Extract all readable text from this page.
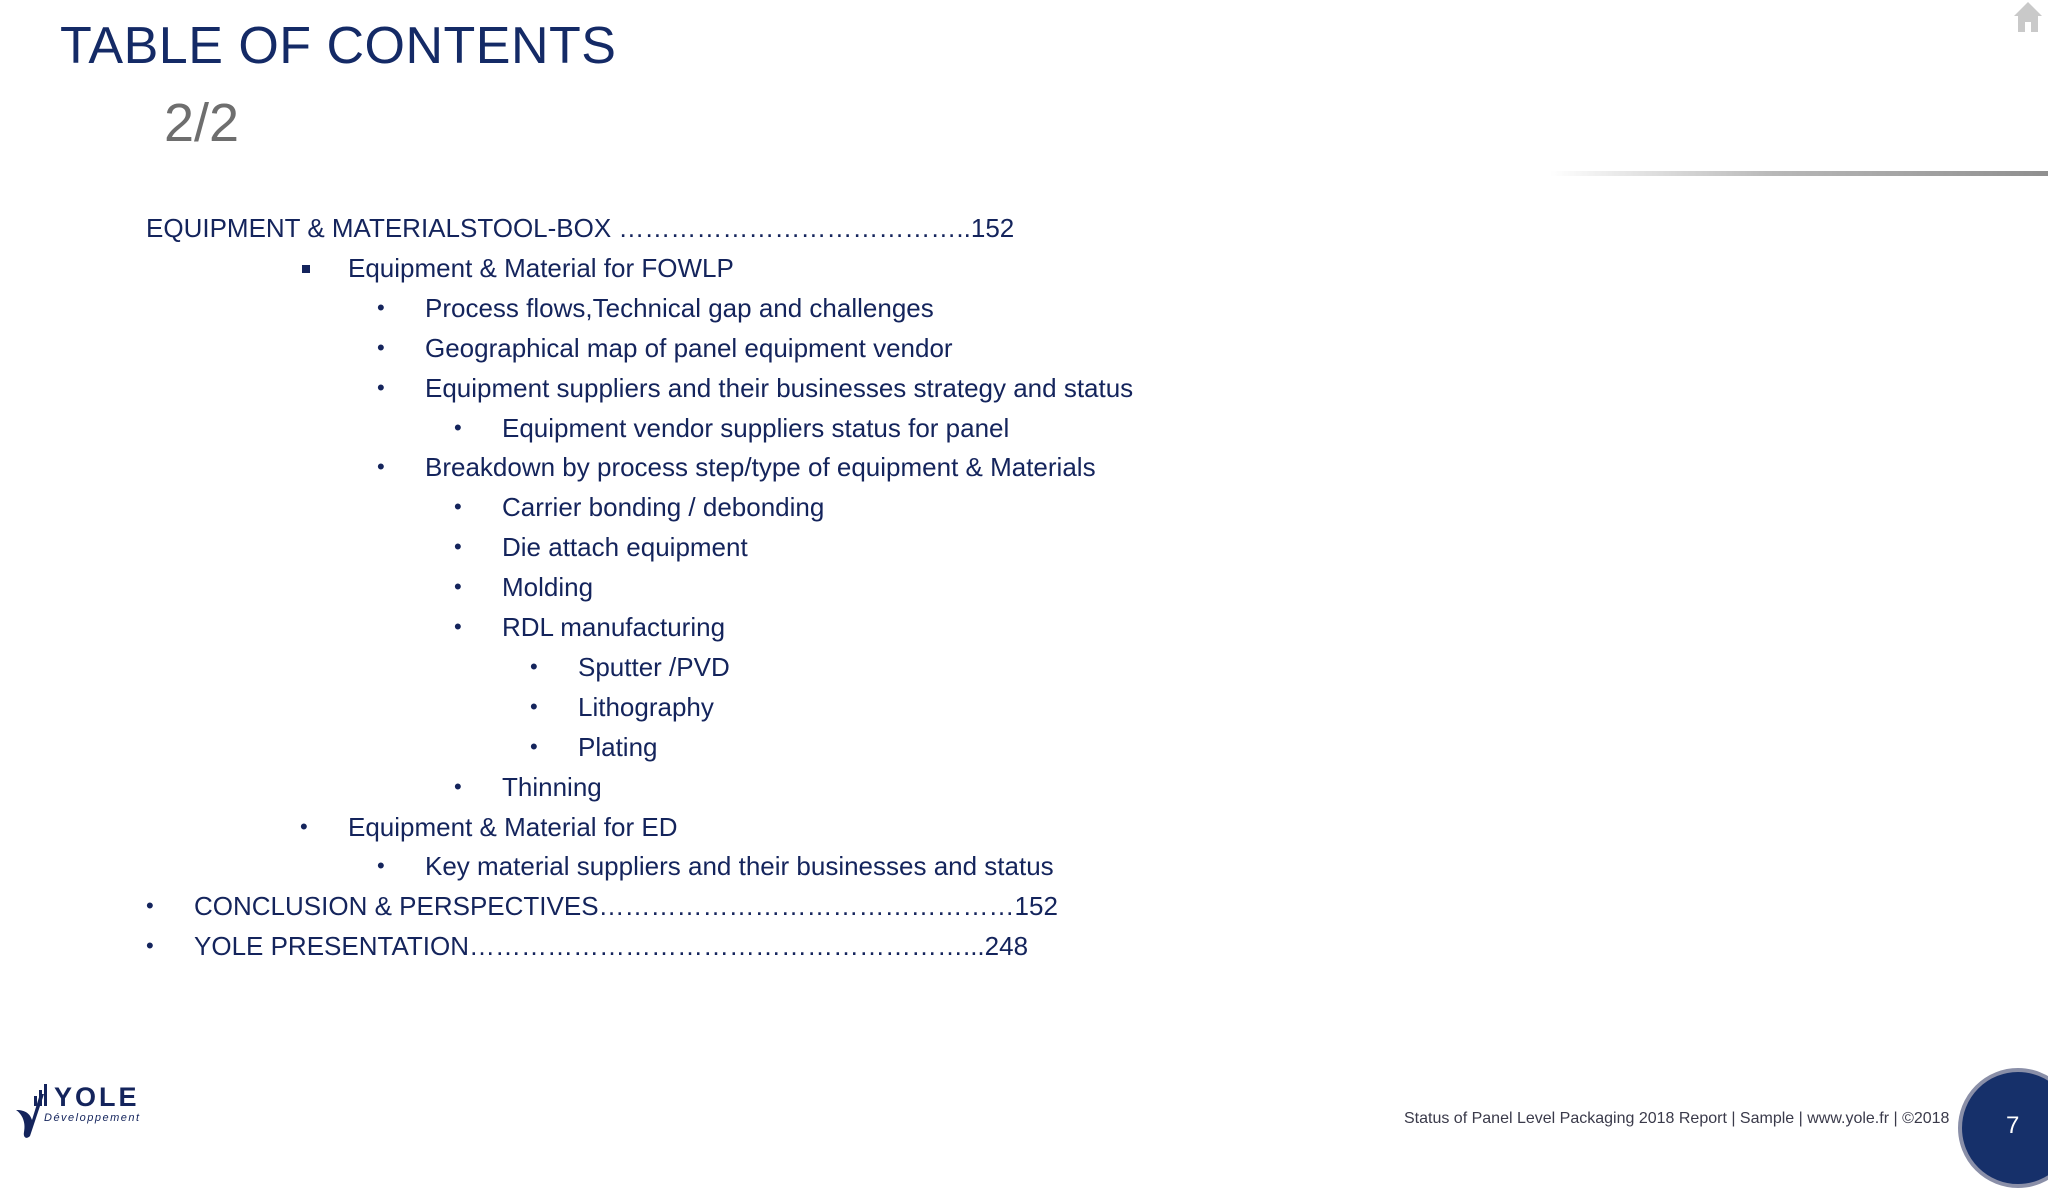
TABLE OF CONTENTS
2/2
EQUIPMENT & MATERIALSTOOL-BOX …………………………………..152
Equipment & Material for FOWLP
• Process flows,Technical gap and challenges
• Geographical map of panel equipment vendor
• Equipment suppliers and their businesses strategy and status
• Equipment vendor suppliers status for panel
• Breakdown by process step/type of equipment & Materials
• Carrier bonding / debonding
• Die attach equipment
• Molding
• RDL manufacturing
• Sputter /PVD
• Lithography
• Plating
• Thinning
• Equipment & Material for ED
• Key material suppliers and their businesses and status
• CONCLUSION & PERSPECTIVES…………………………………………152
• YOLE PRESENTATION…………………………………………………...248
YOLE
Développement	Status of Panel Level Packaging 2018 Report | Sample | www.yole.fr | ©2018 7
